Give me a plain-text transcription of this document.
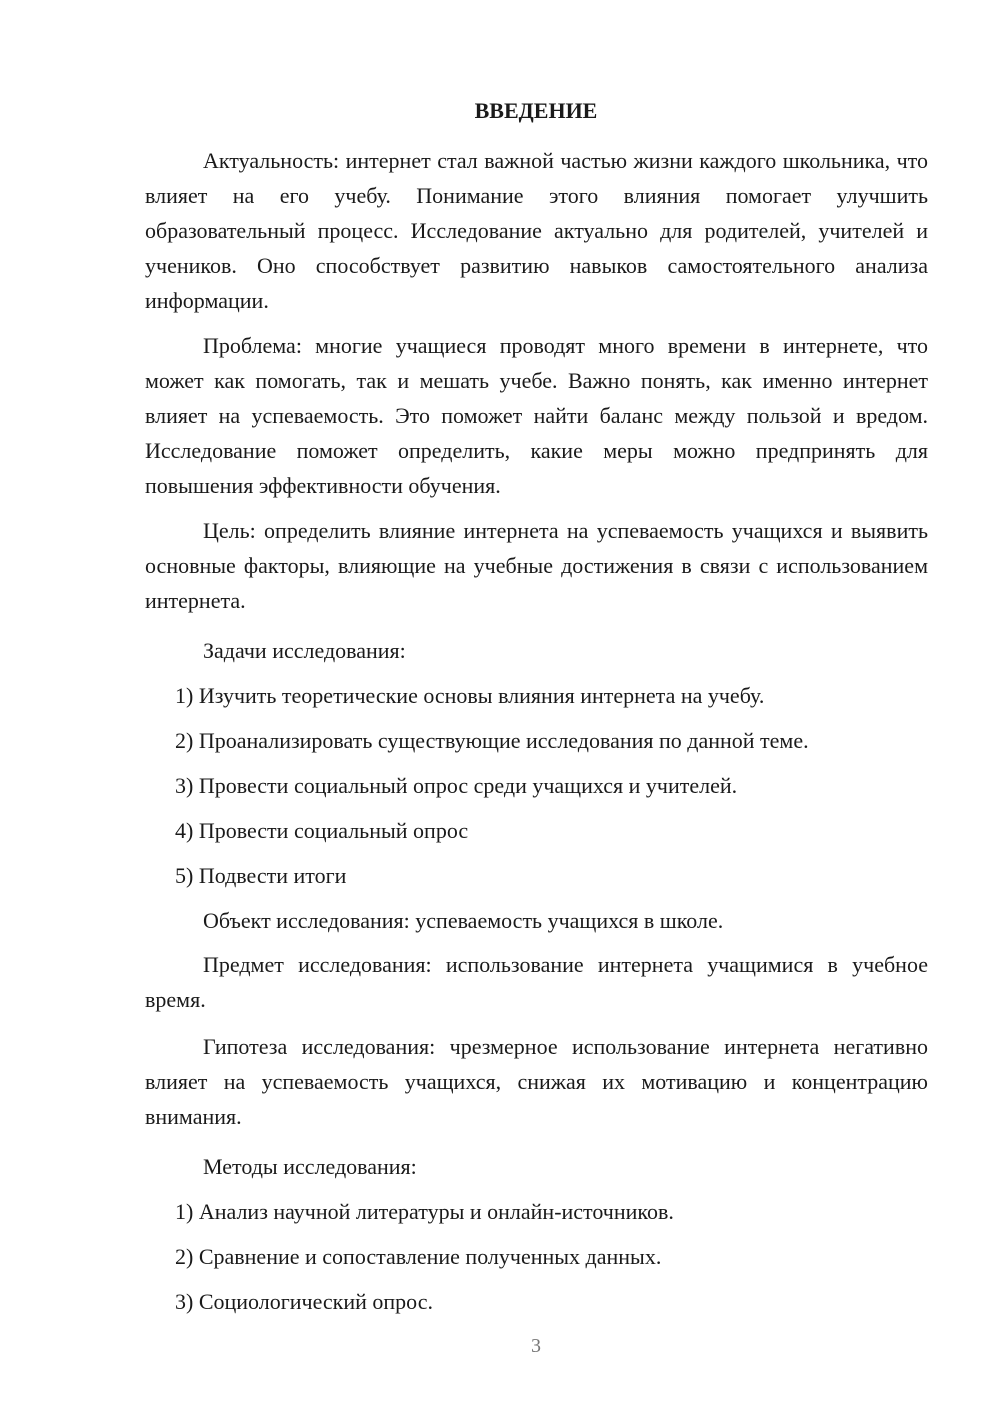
ВВЕДЕНИЕ

Актуальность: интернет стал важной частью жизни каждого школьника, что влияет на его учебу. Понимание этого влияния помогает улучшить образовательный процесс. Исследование актуально для родителей, учителей и учеников. Оно способствует развитию навыков самостоятельного анализа информации.

Проблема: многие учащиеся проводят много времени в интернете, что может как помогать, так и мешать учебе. Важно понять, как именно интернет влияет на успеваемость. Это поможет найти баланс между пользой и вредом. Исследование поможет определить, какие меры можно предпринять для повышения эффективности обучения.

Цель: определить влияние интернета на успеваемость учащихся и выявить основные факторы, влияющие на учебные достижения в связи с использованием интернета.

Задачи исследования:

1) Изучить теоретические основы влияния интернета на учебу.

2) Проанализировать существующие исследования по данной теме.

3) Провести социальный опрос среди учащихся и учителей.

4) Провести социальный опрос

5) Подвести итоги

Объект исследования: успеваемость учащихся в школе.

Предмет исследования: использование интернета учащимися в учебное время.

Гипотеза исследования: чрезмерное использование интернета негативно влияет на успеваемость учащихся, снижая их мотивацию и концентрацию внимания.

Методы исследования:

1) Анализ научной литературы и онлайн-источников.

2) Сравнение и сопоставление полученных данных.

3) Социологический опрос.

3
